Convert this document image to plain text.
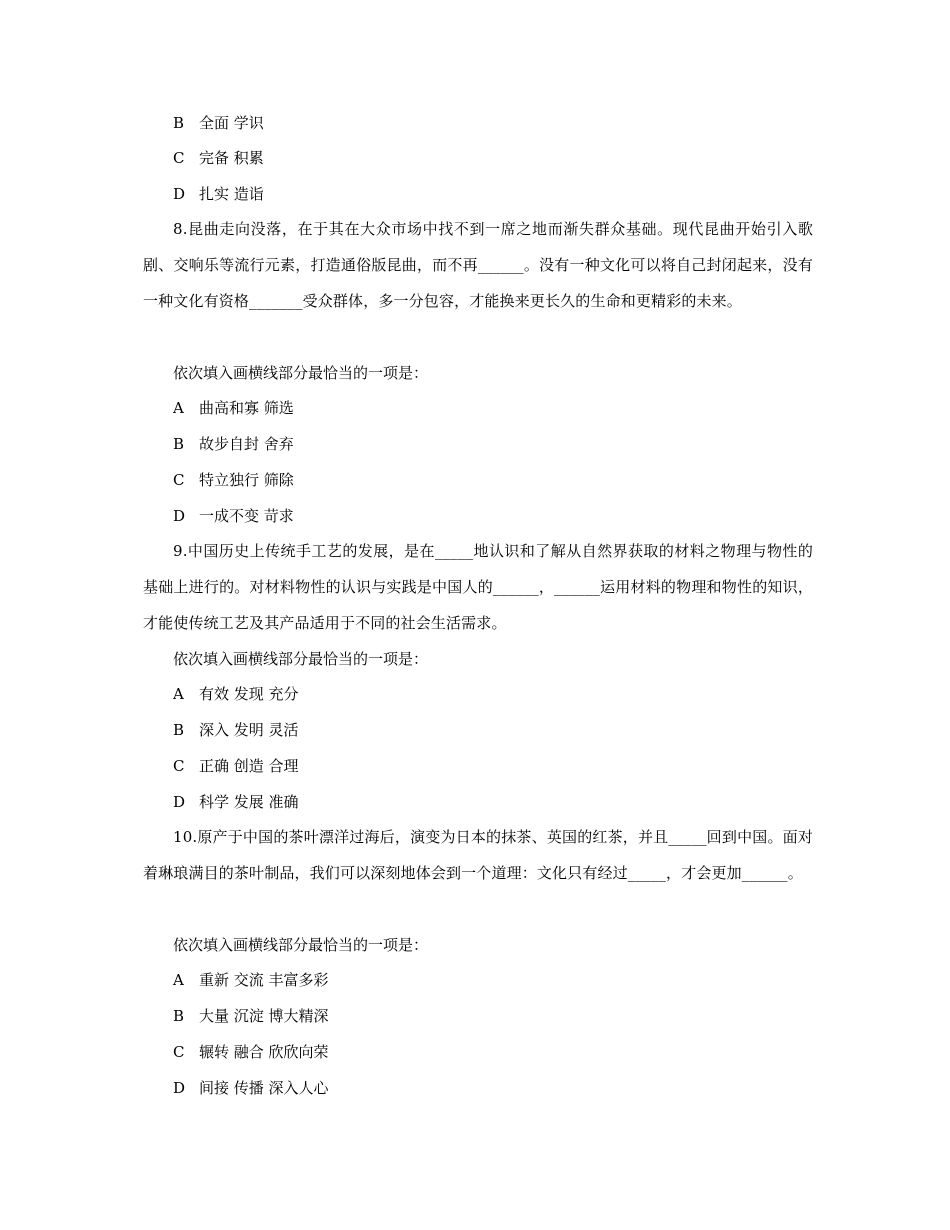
B 全面 学识
C 完备 积累
D 扎实 造诣
8.昆曲走向没落，在于其在大众市场中找不到一席之地而渐失群众基础。现代昆曲开始引入歌剧、交响乐等流行元素，打造通俗版昆曲，而不再______。没有一种文化可以将自己封闭起来，没有一种文化有资格_______受众群体，多一分包容，才能换来更长久的生命和更精彩的未来。
依次填入画横线部分最恰当的一项是：
A 曲高和寡 筛选
B 故步自封 舍弃
C 特立独行 筛除
D 一成不变 苛求
9.中国历史上传统手工艺的发展，是在_____地认识和了解从自然界获取的材料之物理与物性的基础上进行的。对材料物性的认识与实践是中国人的______，______运用材料的物理和物性的知识，才能使传统工艺及其产品适用于不同的社会生活需求。
依次填入画横线部分最恰当的一项是：
A 有效 发现 充分
B 深入 发明 灵活
C 正确 创造 合理
D 科学 发展 准确
10.原产于中国的茶叶漂洋过海后，演变为日本的抹茶、英国的红茶，并且_____回到中国。面对着琳琅满目的茶叶制品，我们可以深刻地体会到一个道理：文化只有经过_____，才会更加______。
依次填入画横线部分最恰当的一项是：
A 重新 交流 丰富多彩
B 大量 沉淀 博大精深
C 辗转 融合 欣欣向荣
D 间接 传播 深入人心
